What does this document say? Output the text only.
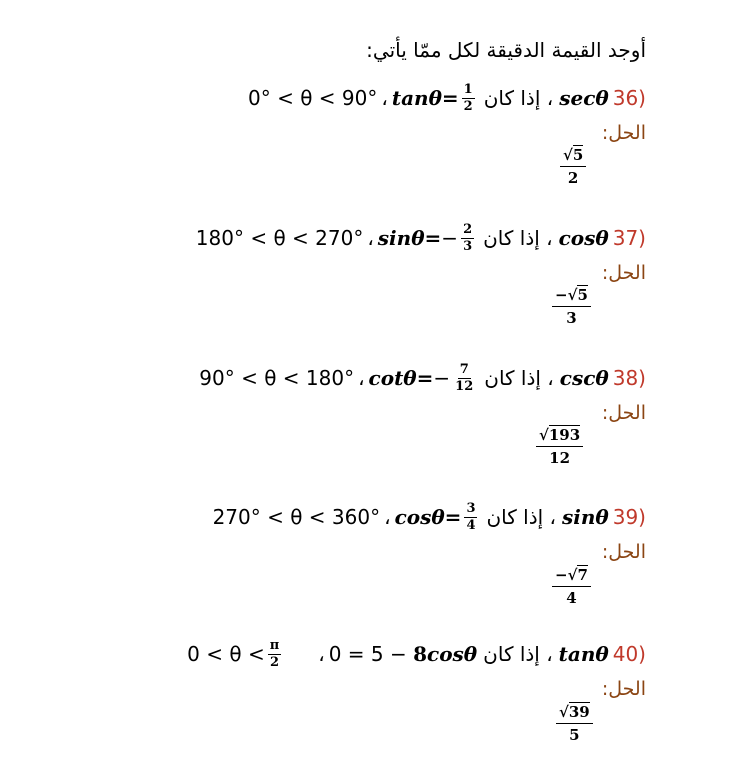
أوجد القيمة الدقيقة لكل ممّا يأتي:
36)
secθ
، إذا كان
$\frac{1}{2}$
tanθ=
،
0° < θ < 90°
الحل:
√5
2
37)
cosθ
، إذا كان
$\frac{2}{3}$
−
sinθ=
،
180° < θ < 270°
الحل:
−√5
3
38)
cscθ
، إذا كان
$\frac{7}{12}$
−
cotθ=
،
90° < θ < 180°
الحل:
√193
12
39)
sinθ
، إذا كان
$\frac{3}{4}$
cosθ=
،
270° < θ < 360°
الحل:
−√7
4
40)
tanθ
، إذا كان
0 = 5 − 8cosθ
،
$\frac{\pi}{2}$
0 < θ <
الحل:
√39
5
